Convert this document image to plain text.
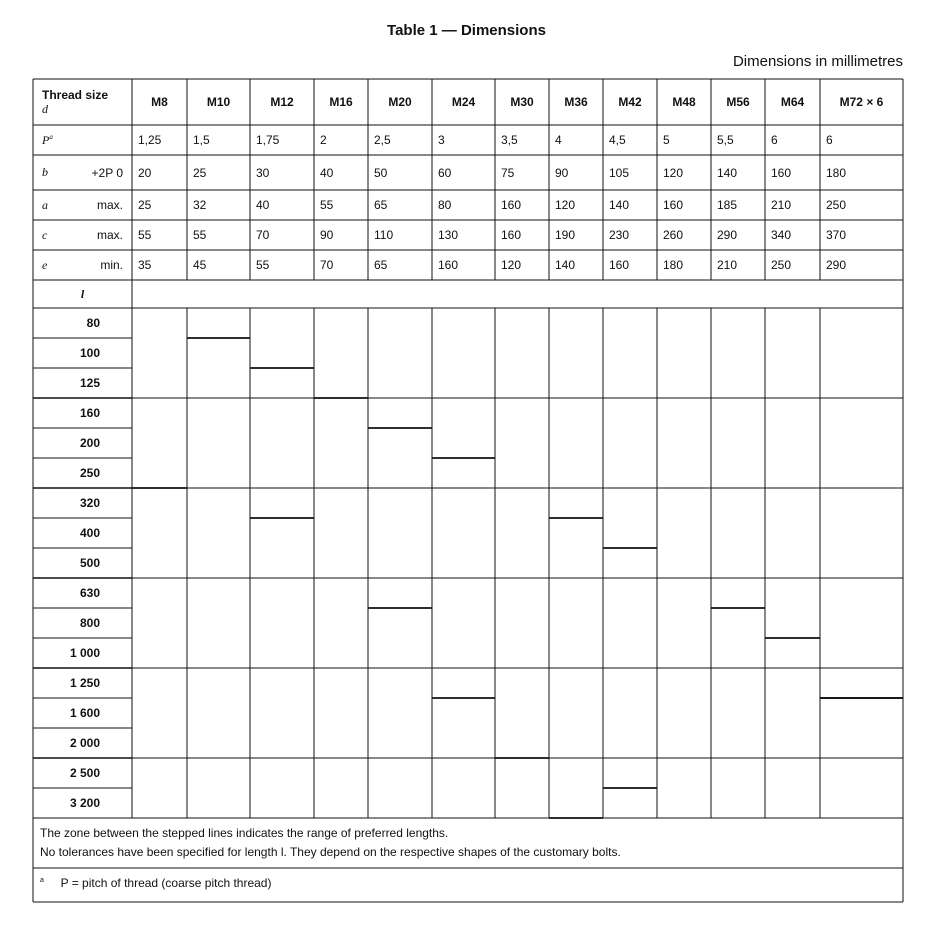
Table 1 — Dimensions
Dimensions in millimetres
Thread size
d	M8	M10	M12	M16	M20	M24	M30	M36	M42	M48	M56	M64	M72 × 6
$P^a$	1,25	1,5	1,75	2	2,5	3	3,5	4	4,5	5	5,5	6	6
b	+2P 0 20	25	30	40	50	60	75	90	105	120	140	160	180
a	max. 25	32	40	55	65	80	160	120	140	160	185	210	250
c	max. 55	55	70	90	110	130	160	190	230	260	290	340	370
e	min. 35	45	55	70	65	160	120	140	160	180	210	250	290
l
80
100
125
160
200
250
320
400
500
630
800
1 000
1 250
1 600
2 000
2 500
3 200
The zone between the stepped lines indicates the range of preferred lengths.
No tolerances have been specified for length l. They depend on the respective shapes of the customary bolts.
$^a$ P = pitch of thread (coarse pitch thread)
